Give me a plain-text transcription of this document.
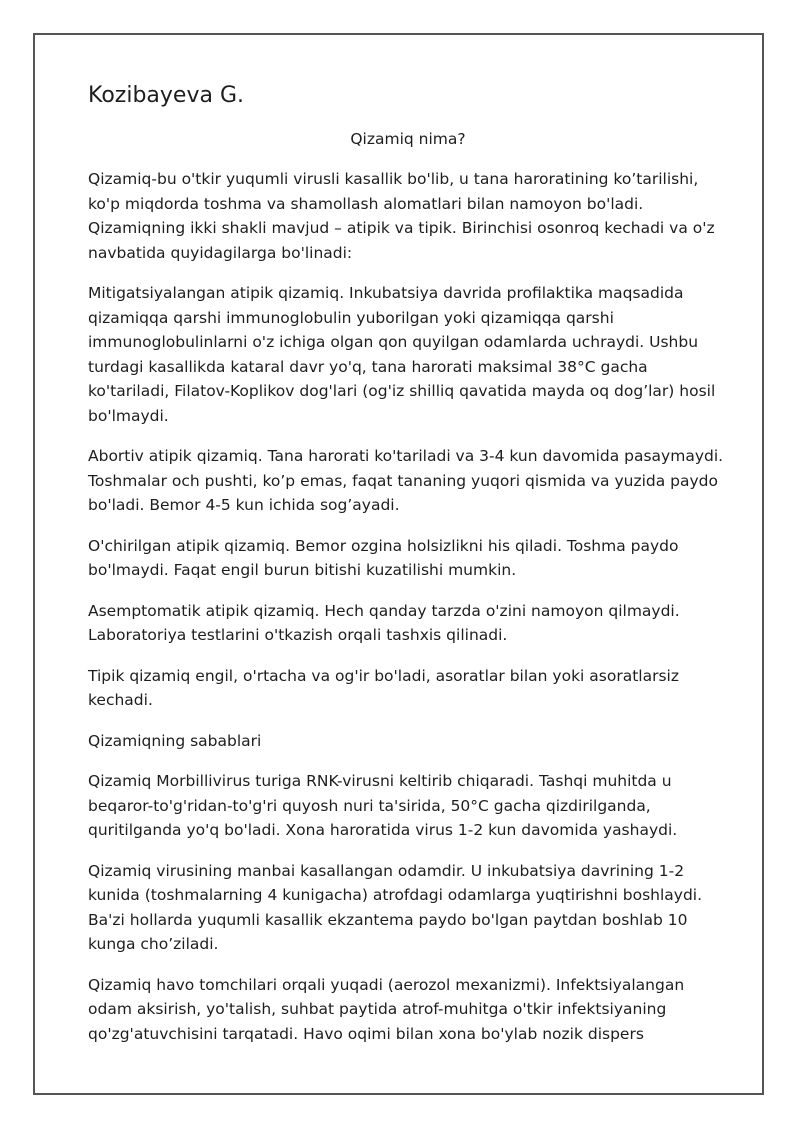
Kozibayeva G.
Qizamiq nima?

Qizamiq-bu o'tkir yuqumli virusli kasallik bo'lib, u tana haroratining ko’tarilishi, ko'p miqdorda toshma va shamollash alomatlari bilan namoyon bo'ladi. Qizamiqning ikki shakli mavjud – atipik va tipik. Birinchisi osonroq kechadi va o'z navbatida quyidagilarga bo'linadi:

Mitigatsiyalangan atipik qizamiq. Inkubatsiya davrida profilaktika maqsadida qizamiqqa qarshi immunoglobulin yuborilgan yoki qizamiqqa qarshi immunoglobulinlarni o'z ichiga olgan qon quyilgan odamlarda uchraydi. Ushbu turdagi kasallikda kataral davr yo'q, tana harorati maksimal 38°C gacha ko'tariladi, Filatov-Koplikov dog'lari (og'iz shilliq qavatida mayda oq dog’lar) hosil bo'lmaydi.

Abortiv atipik qizamiq. Tana harorati ko'tariladi va 3-4 kun davomida pasaymaydi. Toshmalar och pushti, ko’p emas, faqat tananing yuqori qismida va yuzida paydo bo'ladi. Bemor 4-5 kun ichida sog’ayadi.

O'chirilgan atipik qizamiq. Bemor ozgina holsizlikni his qiladi. Toshma paydo bo'lmaydi. Faqat engil burun bitishi kuzatilishi mumkin.

Asemptomatik atipik qizamiq. Hech qanday tarzda o'zini namoyon qilmaydi. Laboratoriya testlarini o'tkazish orqali tashxis qilinadi.

Tipik qizamiq engil, o'rtacha va og'ir bo'ladi, asoratlar bilan yoki asoratlarsiz kechadi.

Qizamiqning sabablari

Qizamiq Morbillivirus turiga RNK-virusni keltirib chiqaradi. Tashqi muhitda u beqaror-to'g'ridan-to'g'ri quyosh nuri ta'sirida, 50°C gacha qizdirilganda, quritilganda yo'q bo'ladi. Xona haroratida virus 1-2 kun davomida yashaydi.

Qizamiq virusining manbai kasallangan odamdir. U inkubatsiya davrining 1-2 kunida (toshmalarning 4 kunigacha) atrofdagi odamlarga yuqtirishni boshlaydi. Ba'zi hollarda yuqumli kasallik ekzantema paydo bo'lgan paytdan boshlab 10 kunga cho’ziladi.

Qizamiq havo tomchilari orqali yuqadi (aerozol mexanizmi). Infektsiyalangan odam aksirish, yo'talish, suhbat paytida atrof-muhitga o'tkir infektsiyaning qo'zg'atuvchisini tarqatadi. Havo oqimi bilan xona bo'ylab nozik dispers
